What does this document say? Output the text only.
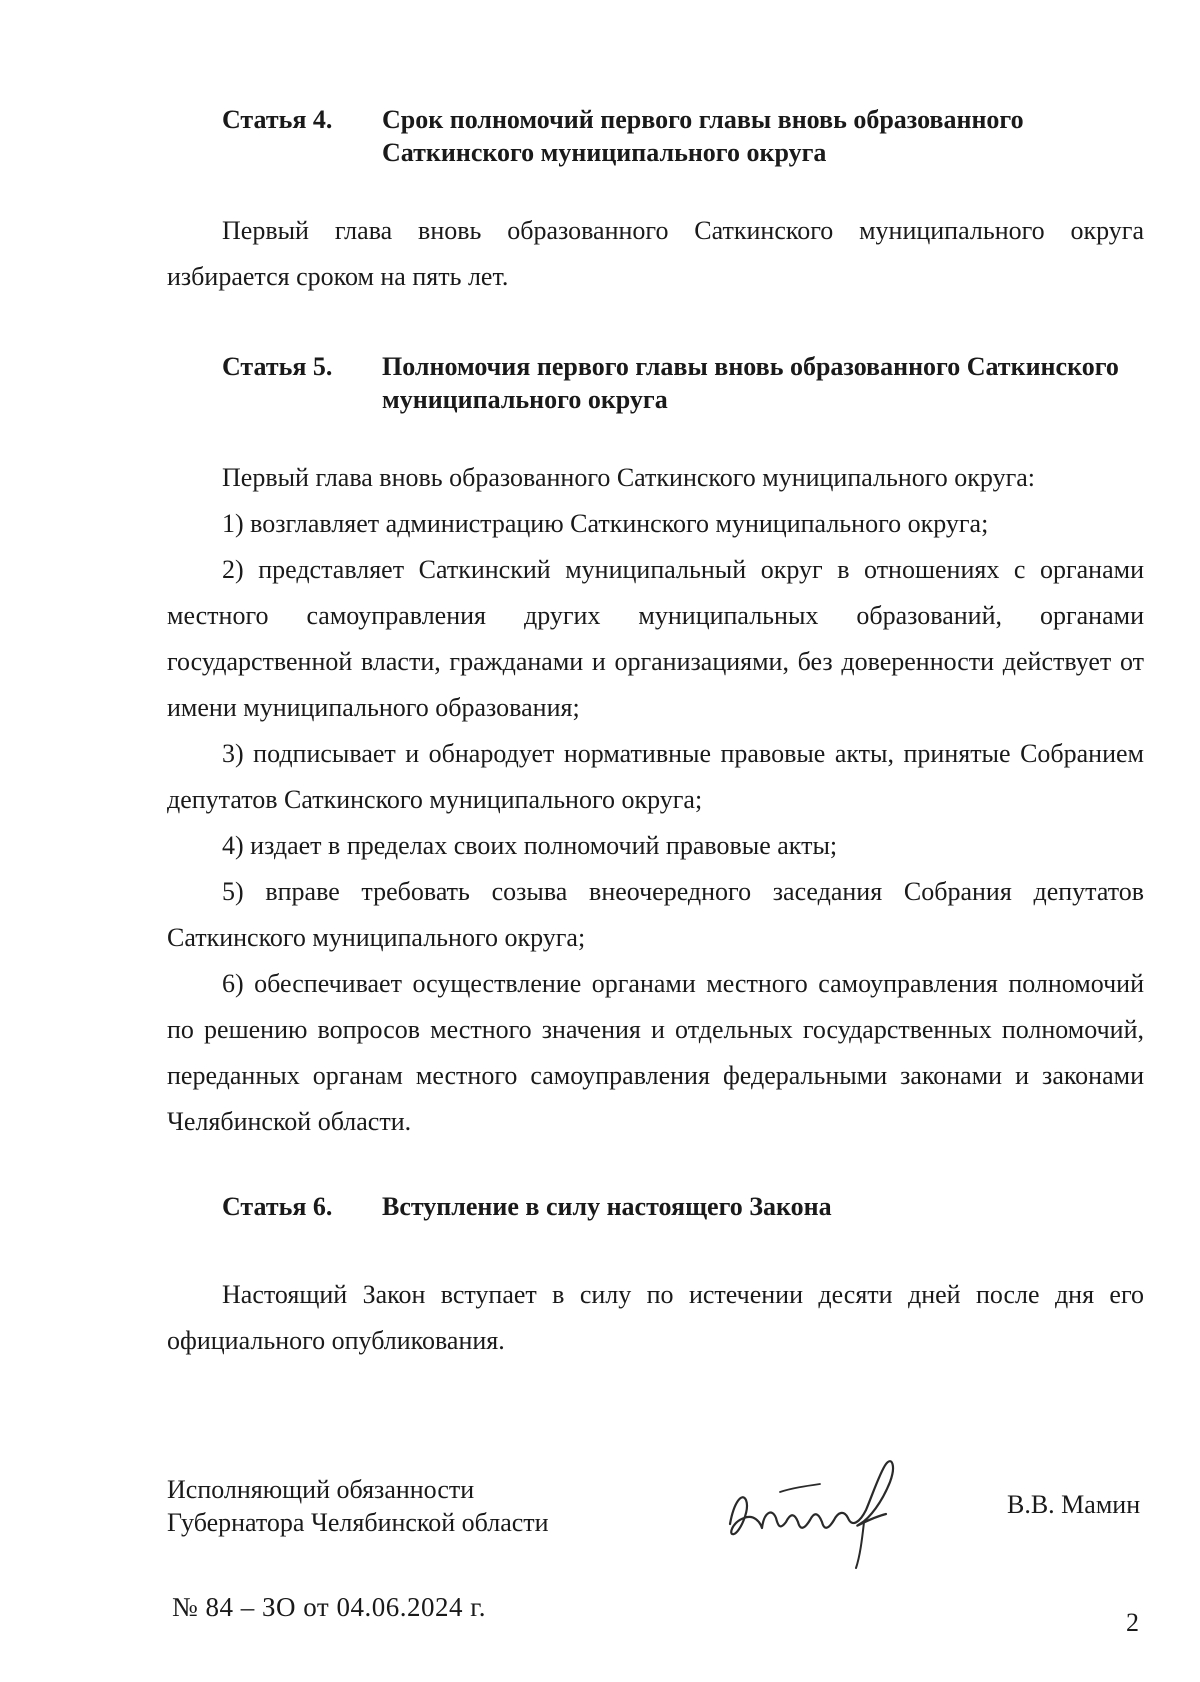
Статья 4.	Срок полномочий первого главы вновь образованного Саткинского муниципального округа

Первый глава вновь образованного Саткинского муниципального округа избирается сроком на пять лет.

Статья 5.	Полномочия первого главы вновь образованного Саткинского муниципального округа

Первый глава вновь образованного Саткинского муниципального округа:

1) возглавляет администрацию Саткинского муниципального округа;

2) представляет Саткинский муниципальный округ в отношениях с органами местного самоуправления других муниципальных образований, органами государственной власти, гражданами и организациями, без доверенности действует от имени муниципального образования;

3) подписывает и обнародует нормативные правовые акты, принятые Собранием депутатов Саткинского муниципального округа;

4) издает в пределах своих полномочий правовые акты;

5) вправе требовать созыва внеочередного заседания Собрания депутатов Саткинского муниципального округа;

6) обеспечивает осуществление органами местного самоуправления полномочий по решению вопросов местного значения и отдельных государственных полномочий, переданных органам местного самоуправления федеральными законами и законами Челябинской области.

Статья 6.	Вступление в силу настоящего Закона

Настоящий Закон вступает в силу по истечении десяти дней после дня его официального опубликования.

Исполняющий обязанности
Губернатора Челябинской области
В.В. Мамин
№ 84 – ЗО от 04.06.2024 г.
2
